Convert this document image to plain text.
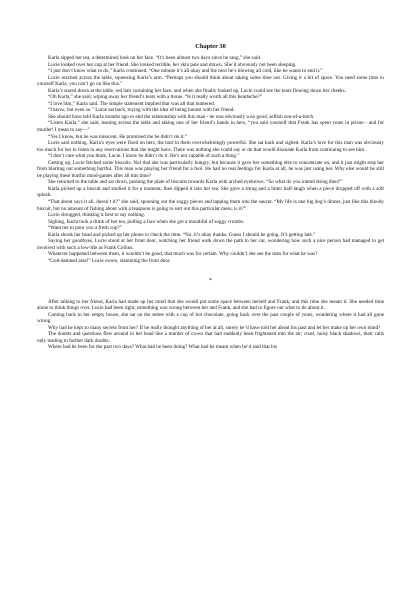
Chapter 30

Karla sipped her tea, a determined look on her face. “It’s been almost two days since he rang,” she said.

Lucie looked over her cup at her friend. She looked terrible, her skin pale and drawn. She’d obviously not been sleeping.

“I just don’t know what to do,” Karla continued. “One minute it’s all okay and the next he’s blowing all cold, like he wants to end it.”

Lucie reached across the table, squeezing Karla’s arm. “Perhaps you should think about taking some time out. Giving it a bit of space. You need some time to yourself Karla, you can’t go on like this.”

Karla’s stared down at the table, red hair curtaining her face, and when she finally looked up, Lucie could see the tears flowing down her cheeks.

“Oh Karla,” she said, wiping away her friend’s tears with a tissue. “Is it really worth all this heartache?”

“I love him,” Karla said. The simple statement implied that was all that mattered.

“I know, but even so.” Lucie sat back, toying with the idea of being honest with her friend.

She should have told Karla months ago to end the relationship with this man - he was obviously a no good, selfish son-of-a-bitch.

“Listen Karla,” she said, leaning across the table and taking one of her friend’s hands in hers, “you said yourself that Frank has spent years in prison - and for murder! I mean to say—”

“Yes I know, but he was innocent. He promised me he didn’t do it.”

Lucie said nothing. Karla’s eyes were fixed on hers, the hurt in them overwhelmingly powerful. She sat back and sighed. Karla’s love for this man was obviously too much for her to listen to any reservations that she might have. There was nothing she could say or do that would dissuade Karla from continuing to see him.

“I don’t care what you think, Lucie. I know he didn’t do it. He’s not capable of such a thing.”

Getting up, Lucie fetched some biscuits. Not that she was particularly hungry, but because it gave her something else to concentrate on, and it just might stop her from blurting out something hurtful. This man was playing her friend for a fool. He had no real feelings for Karla at all, he was just using her. Why else would he still be playing these hurtful mind-games after all this time?

She returned to the table and sat down, pushing the plate of biscuits towards Karla with arched eyebrows. “So what do you intend doing then?”

Karla picked up a biscuit and studied it for a moment, then dipped it into her tea. She gave a shrug and a bitter half-laugh when a piece dropped off with a soft splosh.

“That about says it all, doesn’t it?” she said, spooning out the soggy pieces and tapping them into the saucer. “My life is one big dog’s dinner, just like this bloody biscuit, but no amount of fishing about with a teaspoon is going to sort out this particular mess, is it?”

Lucie shrugged, thinking it best to say nothing.

Sighing, Karla took a drink of her tea, pulling a face when she got a mouthful of soggy crumbs.

“Want me to pour you a fresh cup?”

Karla shook her head and picked up her phone to check the time. “No, it’s okay thanks. Guess I should be going. It’s getting late.”

Saying her goodbyes, Lucie stood at her front door, watching her friend walk down the path to her car, wondering how such a nice person had managed to get involved with such a low-life as Frank Collins.

Whatever happened between them, it wouldn’t be good, that much was for certain. Why couldn’t she see the man for what he was?

“God-damned arse!” Lucie swore, slamming the front door.

*

After talking to her friend, Karla had made up her mind that she would put some space between herself and Frank, and this time she meant it. She needed time alone to think things over. Lucie had been right, something was wrong between her and Frank, and she had to figure out what to do about it.

Coming back to her empty house, she sat on the settee with a cup of hot chocolate, going back over the past couple of years, wondering where it had all gone wrong.

Why had he kept so many secrets from her? If he really thought anything of her at all, surely he’d have told her about his past and let her make up her own mind?

The doubts and questions flew around in her head like a murder of crows that had suddenly been frightened into the air; cruel, noisy black shadows, their calls only leading to further dark doubts.

Where had he been for the past two days? What had he been doing? What had he meant when he’d said that his
